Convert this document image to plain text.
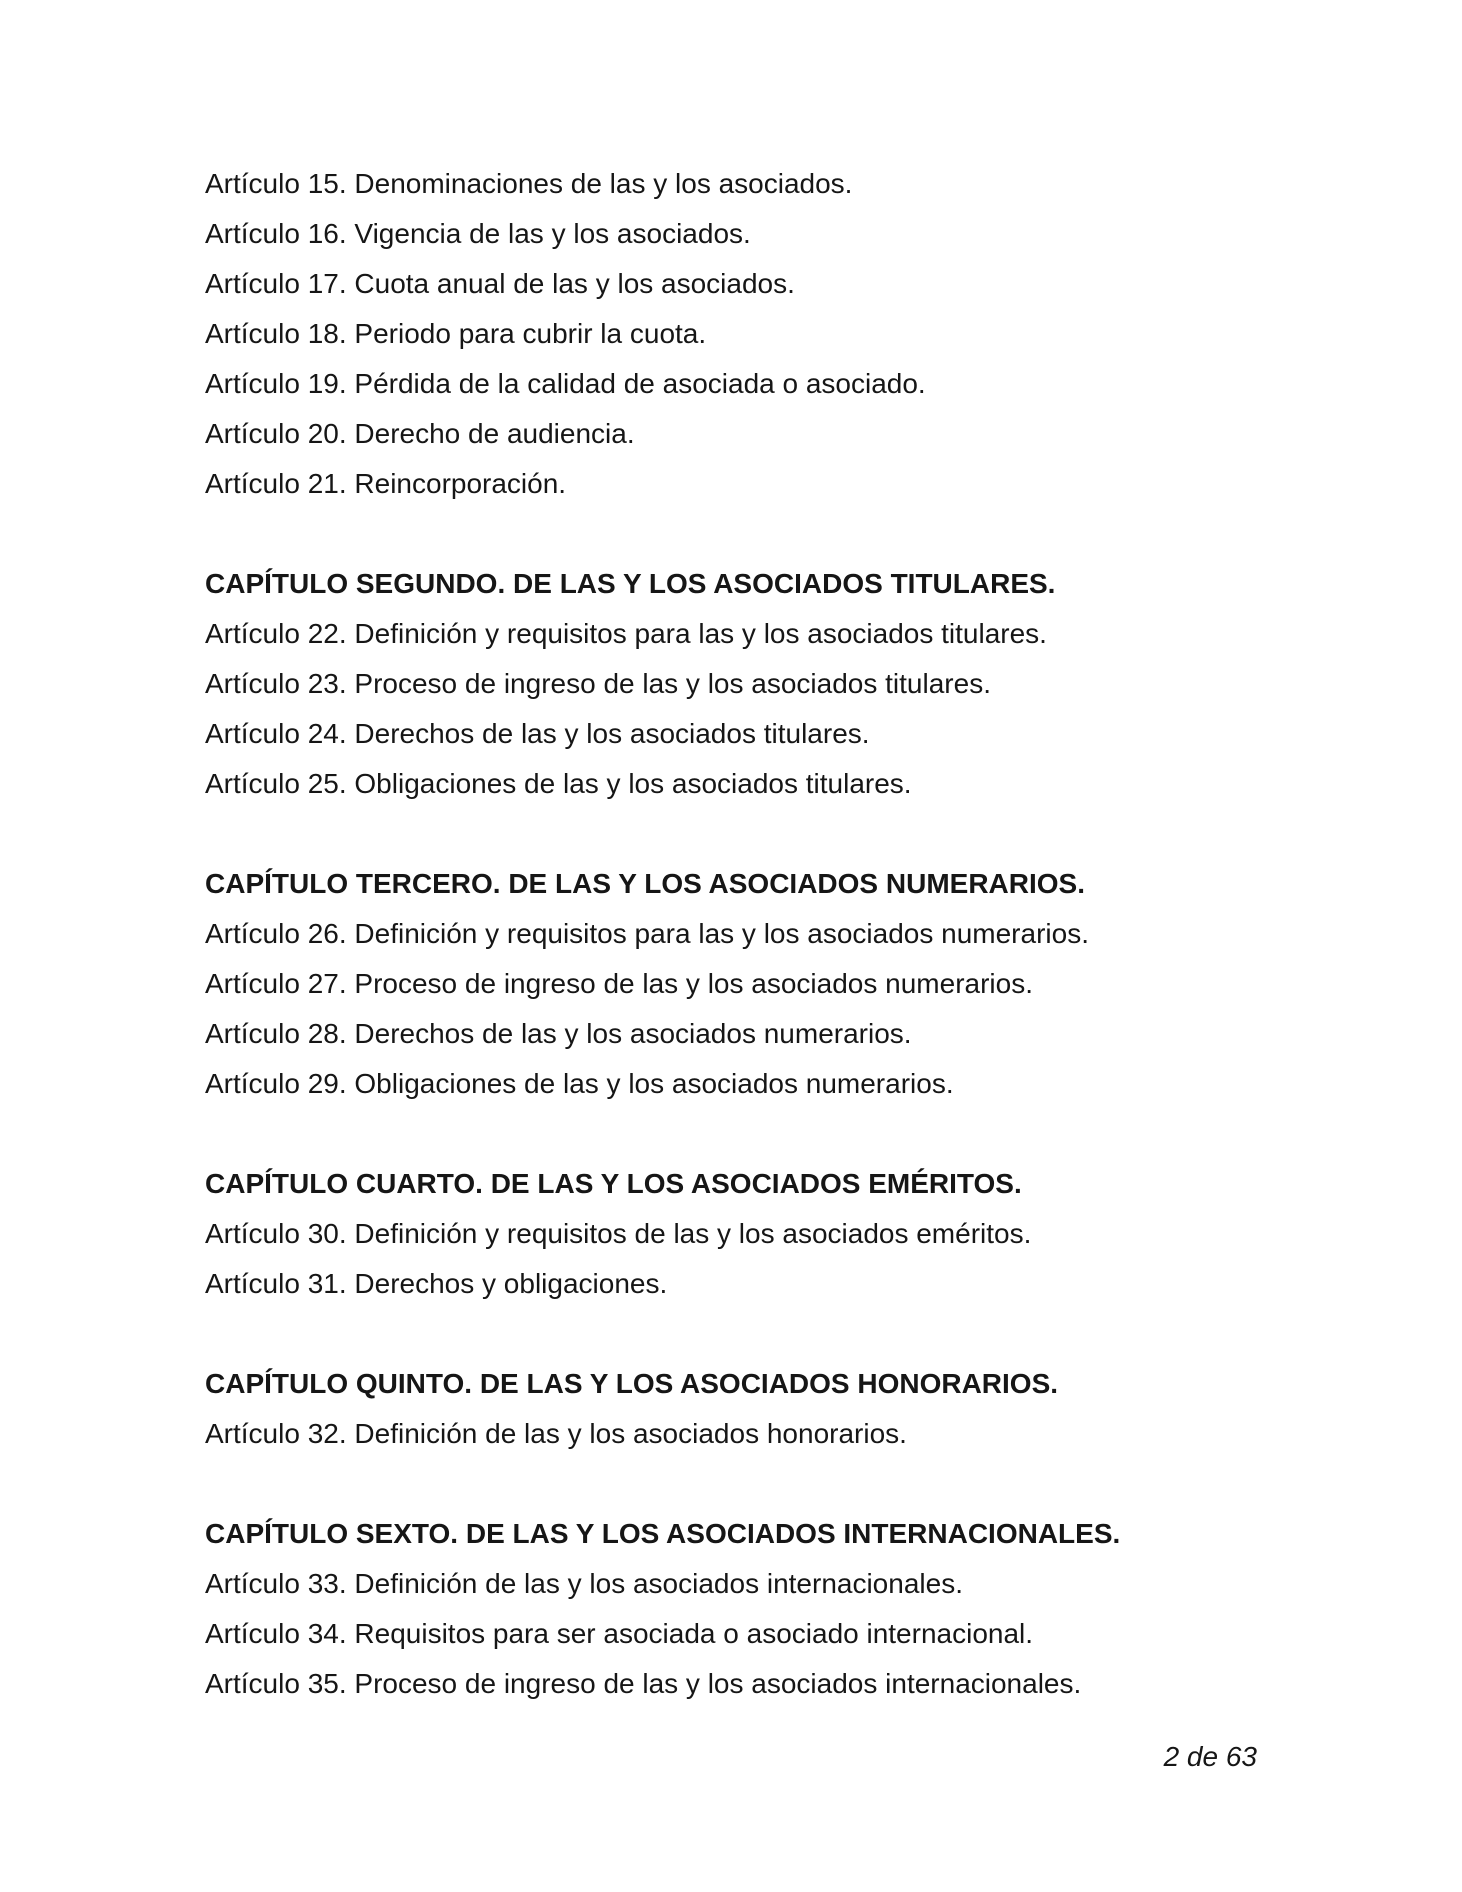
Artículo 15. Denominaciones de las y los asociados.

Artículo 16. Vigencia de las y los asociados.

Artículo 17. Cuota anual de las y los asociados.

Artículo 18. Periodo para cubrir la cuota.

Artículo 19. Pérdida de la calidad de asociada o asociado.

Artículo 20. Derecho de audiencia.

Artículo 21. Reincorporación.

CAPÍTULO SEGUNDO. DE LAS Y LOS ASOCIADOS TITULARES.

Artículo 22. Definición y requisitos para las y los asociados titulares.

Artículo 23. Proceso de ingreso de las y los asociados titulares.

Artículo 24. Derechos de las y los asociados titulares.

Artículo 25. Obligaciones de las y los asociados titulares.

CAPÍTULO TERCERO. DE LAS Y LOS ASOCIADOS NUMERARIOS.

Artículo 26. Definición y requisitos para las y los asociados numerarios.

Artículo 27. Proceso de ingreso de las y los asociados numerarios.

Artículo 28. Derechos de las y los asociados numerarios.

Artículo 29. Obligaciones de las y los asociados numerarios.

CAPÍTULO CUARTO. DE LAS Y LOS ASOCIADOS EMÉRITOS.

Artículo 30. Definición y requisitos de las y los asociados eméritos.

Artículo 31. Derechos y obligaciones.

CAPÍTULO QUINTO. DE LAS Y LOS ASOCIADOS HONORARIOS.

Artículo 32. Definición de las y los asociados honorarios.

CAPÍTULO SEXTO. DE LAS Y LOS ASOCIADOS INTERNACIONALES.

Artículo 33. Definición de las y los asociados internacionales.

Artículo 34. Requisitos para ser asociada o asociado internacional.

Artículo 35. Proceso de ingreso de las y los asociados internacionales.

2 de 63
